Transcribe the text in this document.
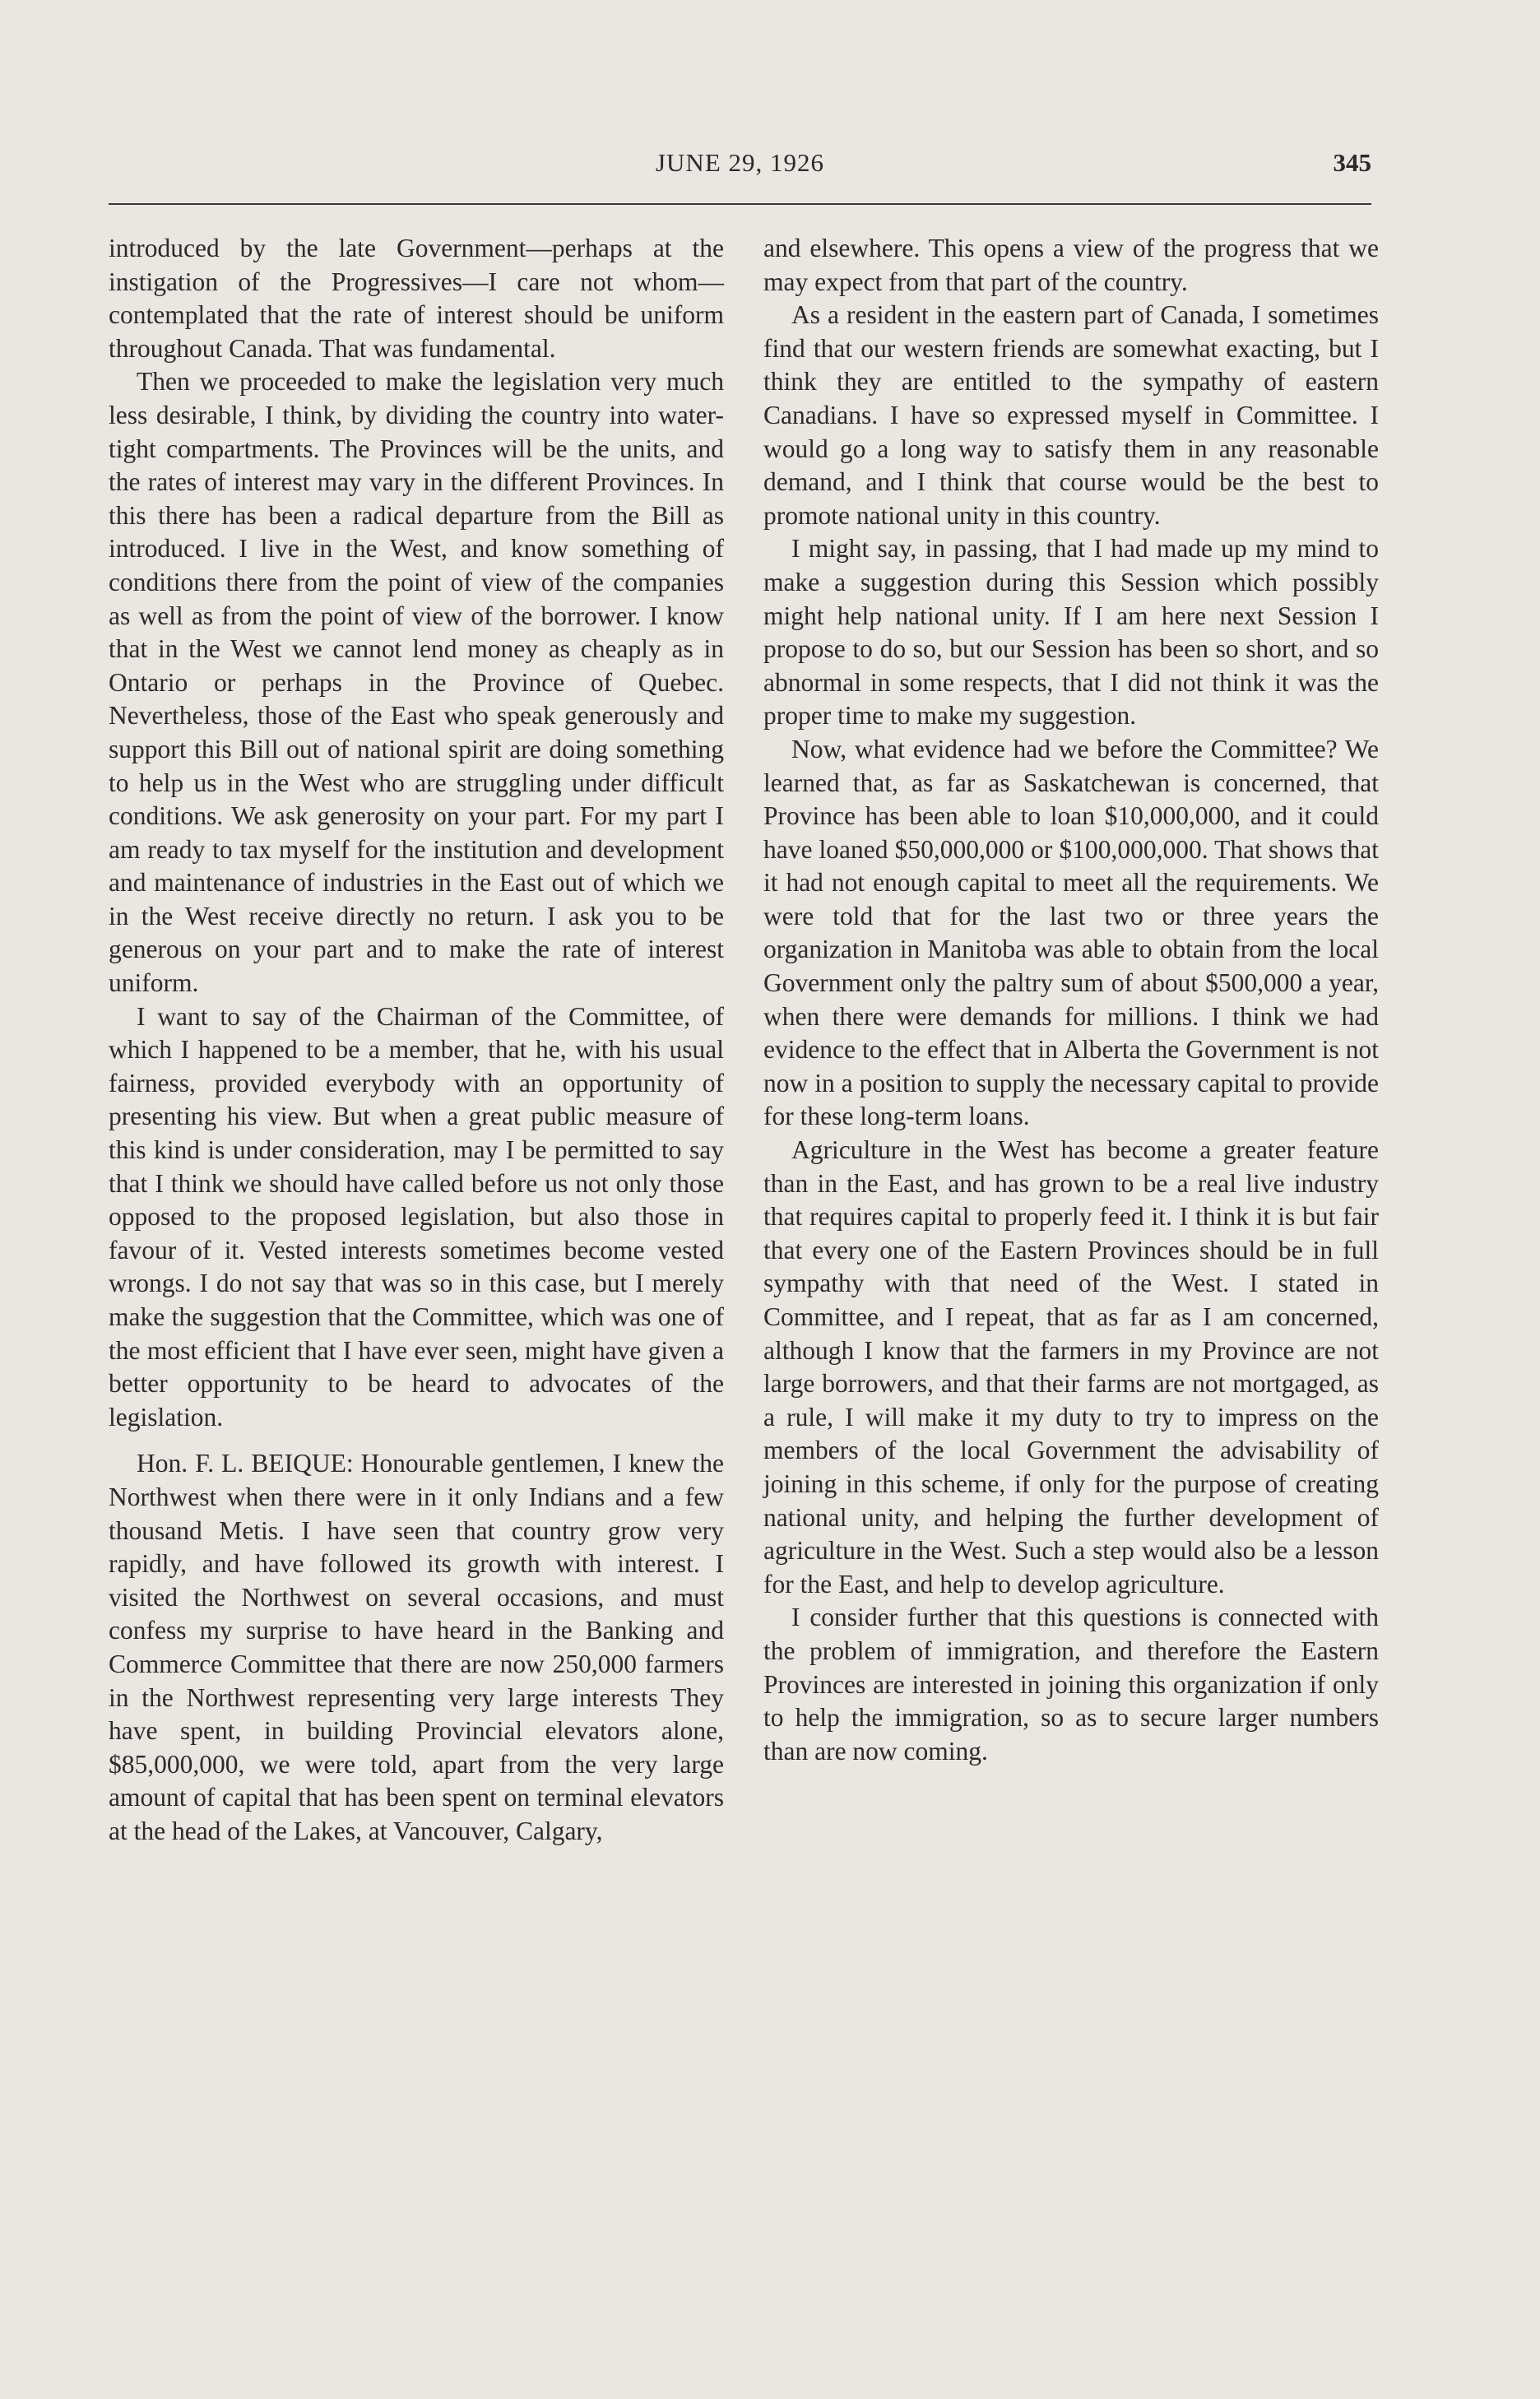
JUNE 29, 1926	345

introduced by the late Government—perhaps at the instigation of the Progressives—I care not whom—contemplated that the rate of interest should be uniform throughout Canada. That was fundamental.

Then we proceeded to make the legislation very much less desirable, I think, by dividing the country into water-tight compartments. The Provinces will be the units, and the rates of interest may vary in the different Provinces. In this there has been a radical departure from the Bill as introduced. I live in the West, and know something of conditions there from the point of view of the companies as well as from the point of view of the borrower. I know that in the West we cannot lend money as cheaply as in Ontario or perhaps in the Province of Quebec. Nevertheless, those of the East who speak generously and support this Bill out of national spirit are doing something to help us in the West who are struggling under difficult conditions. We ask generosity on your part. For my part I am ready to tax myself for the institution and development and maintenance of industries in the East out of which we in the West receive directly no return. I ask you to be generous on your part and to make the rate of interest uniform.

I want to say of the Chairman of the Committee, of which I happened to be a member, that he, with his usual fairness, provided everybody with an opportunity of presenting his view. But when a great public measure of this kind is under consideration, may I be permitted to say that I think we should have called before us not only those opposed to the proposed legislation, but also those in favour of it. Vested interests sometimes become vested wrongs. I do not say that was so in this case, but I merely make the suggestion that the Committee, which was one of the most efficient that I have ever seen, might have given a better opportunity to be heard to advocates of the legislation.

Hon. F. L. BEIQUE: Honourable gentlemen, I knew the Northwest when there were in it only Indians and a few thousand Metis. I have seen that country grow very rapidly, and have followed its growth with interest. I visited the Northwest on several occasions, and must confess my surprise to have heard in the Banking and Commerce Committee that there are now 250,000 farmers in the Northwest representing very large interests They have spent, in building Provincial elevators alone, $85,000,000, we were told, apart from the very large amount of capital that has been spent on terminal elevators at the head of the Lakes, at Vancouver, Calgary,

and elsewhere. This opens a view of the progress that we may expect from that part of the country.

As a resident in the eastern part of Canada, I sometimes find that our western friends are somewhat exacting, but I think they are entitled to the sympathy of eastern Canadians. I have so expressed myself in Committee. I would go a long way to satisfy them in any reasonable demand, and I think that course would be the best to promote national unity in this country.

I might say, in passing, that I had made up my mind to make a suggestion during this Session which possibly might help national unity. If I am here next Session I propose to do so, but our Session has been so short, and so abnormal in some respects, that I did not think it was the proper time to make my suggestion.

Now, what evidence had we before the Committee? We learned that, as far as Saskatchewan is concerned, that Province has been able to loan $10,000,000, and it could have loaned $50,000,000 or $100,000,000. That shows that it had not enough capital to meet all the requirements. We were told that for the last two or three years the organization in Manitoba was able to obtain from the local Government only the paltry sum of about $500,000 a year, when there were demands for millions. I think we had evidence to the effect that in Alberta the Government is not now in a position to supply the necessary capital to provide for these long-term loans.

Agriculture in the West has become a greater feature than in the East, and has grown to be a real live industry that requires capital to properly feed it. I think it is but fair that every one of the Eastern Provinces should be in full sympathy with that need of the West. I stated in Committee, and I repeat, that as far as I am concerned, although I know that the farmers in my Province are not large borrowers, and that their farms are not mortgaged, as a rule, I will make it my duty to try to impress on the members of the local Government the advisability of joining in this scheme, if only for the purpose of creating national unity, and helping the further development of agriculture in the West. Such a step would also be a lesson for the East, and help to develop agriculture.

I consider further that this questions is connected with the problem of immigration, and therefore the Eastern Provinces are interested in joining this organization if only to help the immigration, so as to secure larger numbers than are now coming.
